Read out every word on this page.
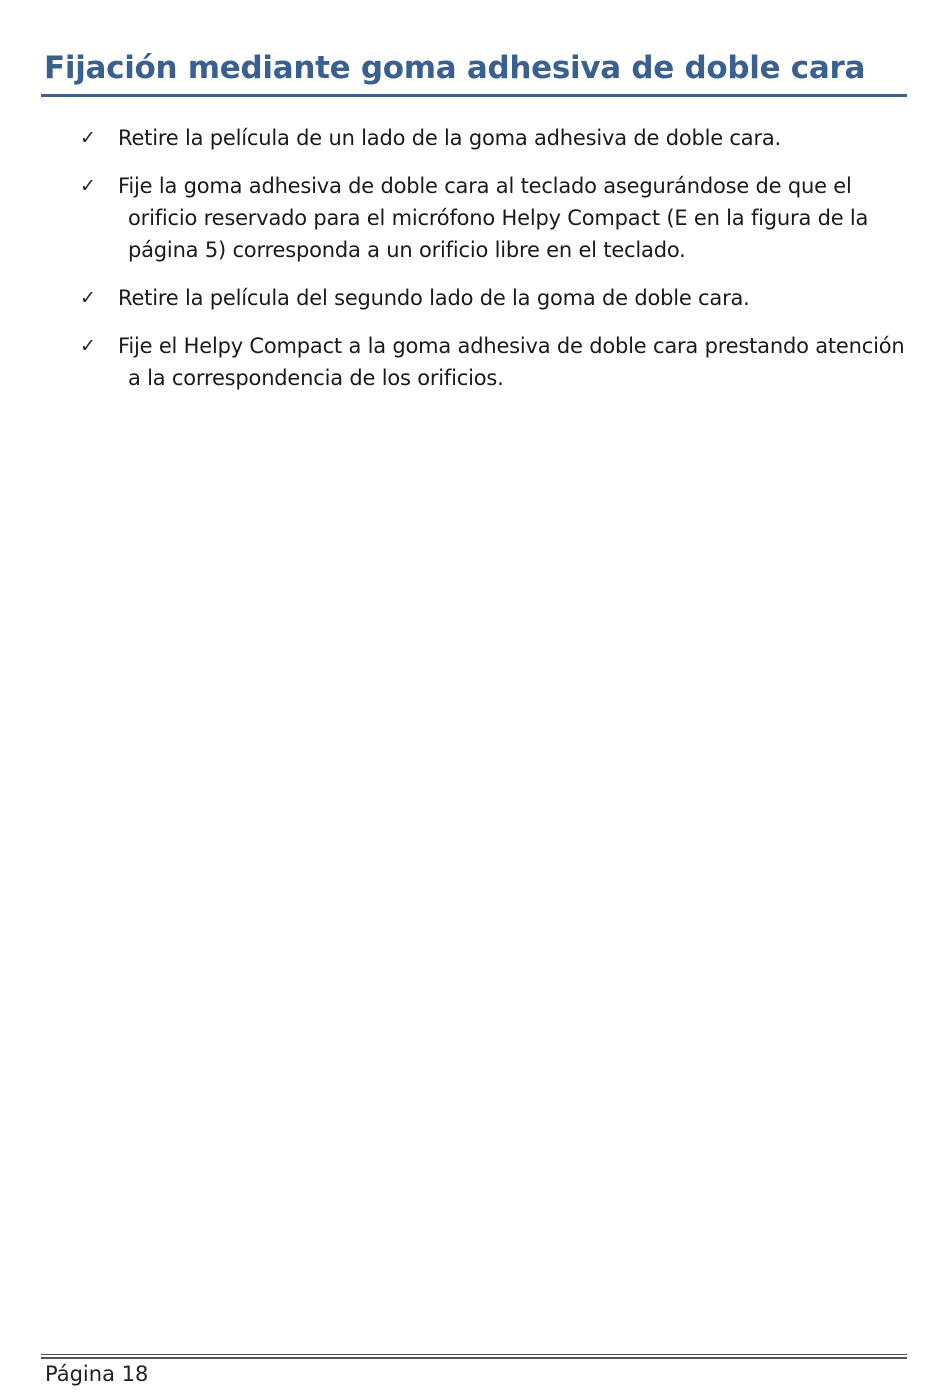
Fijación mediante goma adhesiva de doble cara
✓ Retire la película de un lado de la goma adhesiva de doble cara.
✓ Fije la goma adhesiva de doble cara al teclado asegurándose de que el orificio reservado para el micrófono Helpy Compact (E en la figura de la página 5) corresponda a un orificio libre en el teclado.
✓ Retire la película del segundo lado de la goma de doble cara.
✓ Fije el Helpy Compact a la goma adhesiva de doble cara prestando atención a la correspondencia de los orificios.
Página 18
